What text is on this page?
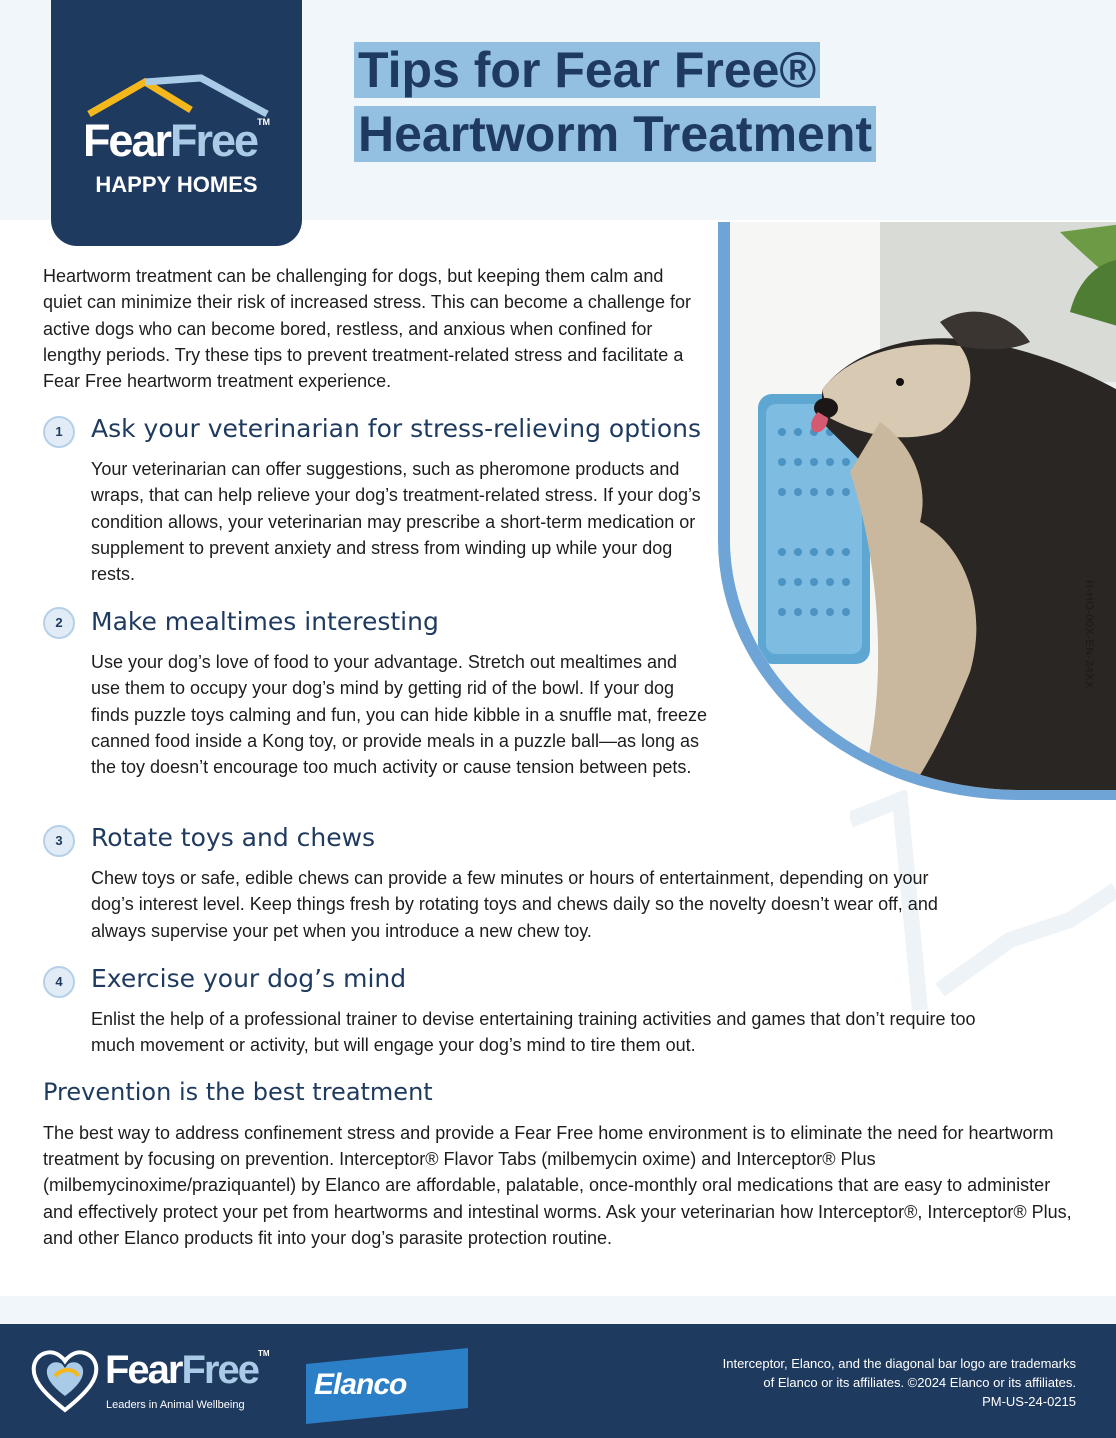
FearFree™
HAPPY HOMES
Tips for Fear Free®
Heartworm Treatment
H-HO-00X-EN-24XX
Heartworm treatment can be challenging for dogs, but keeping them calm and quiet can minimize their risk of increased stress. This can become a challenge for active dogs who can become bored, restless, and anxious when confined for lengthy periods. Try these tips to prevent treatment-related stress and facilitate a Fear Free heartworm treatment experience.
1	Ask your veterinarian for stress-relieving options
Your veterinarian can offer suggestions, such as pheromone products and wraps, that can help relieve your dog’s treatment-related stress. If your dog’s condition allows, your veterinarian may prescribe a short-term medication or supplement to prevent anxiety and stress from winding up while your dog rests.
2	Make mealtimes interesting
Use your dog’s love of food to your advantage. Stretch out mealtimes and use them to occupy your dog’s mind by getting rid of the bowl. If your dog finds puzzle toys calming and fun, you can hide kibble in a snuffle mat, freeze canned food inside a Kong toy, or provide meals in a puzzle ball—as long as the toy doesn’t encourage too much activity or cause tension between pets.
3	Rotate toys and chews
Chew toys or safe, edible chews can provide a few minutes or hours of entertainment, depending on your dog’s interest level. Keep things fresh by rotating toys and chews daily so the novelty doesn’t wear off, and always supervise your pet when you introduce a new chew toy.
4	Exercise your dog’s mind
Enlist the help of a professional trainer to devise entertaining training activities and games that don’t require too much movement or activity, but will engage your dog’s mind to tire them out.
Prevention is the best treatment
The best way to address confinement stress and provide a Fear Free home environment is to eliminate the need for heartworm treatment by focusing on prevention. Interceptor® Flavor Tabs (milbemycin oxime) and Interceptor® Plus (milbemycinoxime/praziquantel) by Elanco are affordable, palatable, once-monthly oral medications that are easy to administer and effectively protect your pet from heartworms and intestinal worms. Ask your veterinarian how Interceptor®, Interceptor® Plus, and other Elanco products fit into your dog’s parasite protection routine.
FearFree™
Leaders in Animal Wellbeing
Elanco
Interceptor, Elanco, and the diagonal bar logo are trademarks
of Elanco or its affiliates. ©2024 Elanco or its affiliates.
PM-US-24-0215
